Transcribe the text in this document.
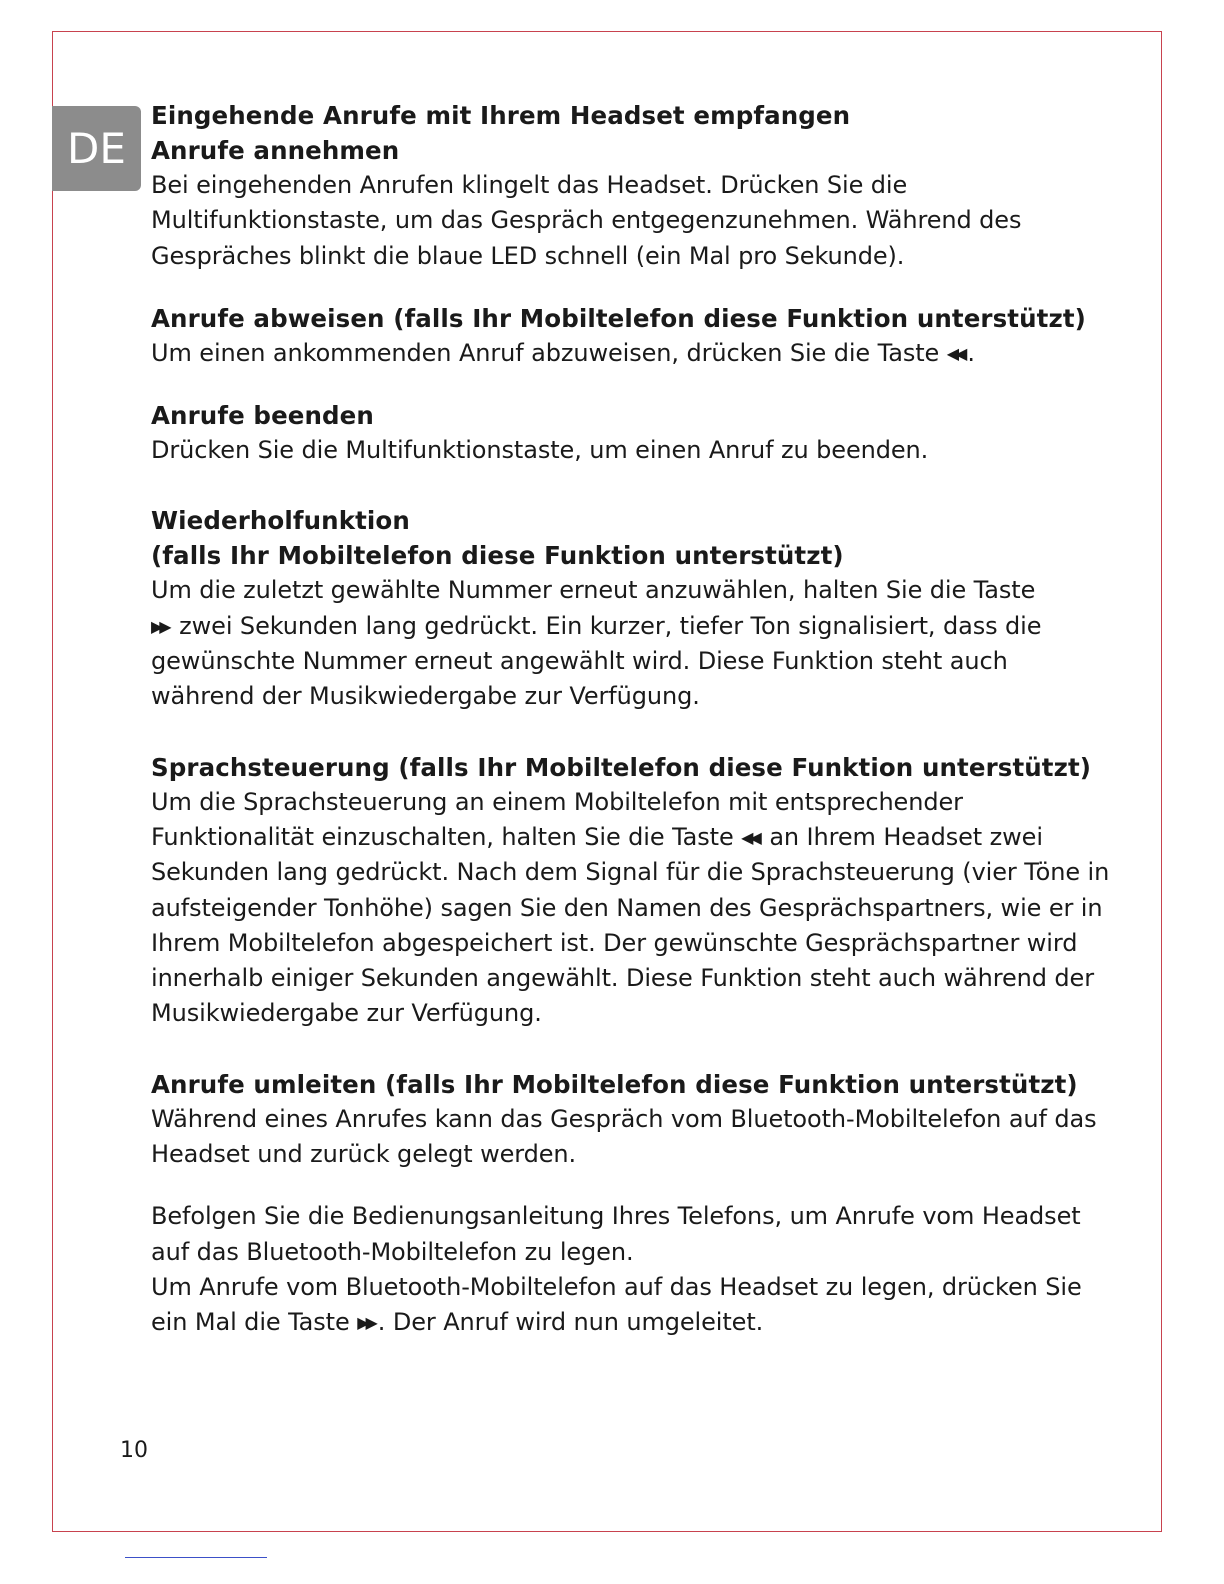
DE

Eingehende Anrufe mit Ihrem Headset empfangen

Anrufe annehmen

Bei eingehenden Anrufen klingelt das Headset. Drücken Sie die

Multifunktionstaste, um das Gespräch entgegenzunehmen. Während des

Gespräches blinkt die blaue LED schnell (ein Mal pro Sekunde).

Anrufe abweisen (falls Ihr Mobiltelefon diese Funktion unterstützt)

Um einen ankommenden Anruf abzuweisen, drücken Sie die Taste ◀◀ .

Anrufe beenden

Drücken Sie die Multifunktionstaste, um einen Anruf zu beenden.

Wiederholfunktion

(falls Ihr Mobiltelefon diese Funktion unterstützt)

Um die zuletzt gewählte Nummer erneut anzuwählen, halten Sie die Taste

▶▶ zwei Sekunden lang gedrückt. Ein kurzer, tiefer Ton signalisiert, dass die

gewünschte Nummer erneut angewählt wird. Diese Funktion steht auch

während der Musikwiedergabe zur Verfügung.

Sprachsteuerung (falls Ihr Mobiltelefon diese Funktion unterstützt)

Um die Sprachsteuerung an einem Mobiltelefon mit entsprechender

Funktionalität einzuschalten, halten Sie die Taste ◀◀ an Ihrem Headset zwei

Sekunden lang gedrückt. Nach dem Signal für die Sprachsteuerung (vier Töne in

aufsteigender Tonhöhe) sagen Sie den Namen des Gesprächspartners, wie er in

Ihrem Mobiltelefon abgespeichert ist. Der gewünschte Gesprächspartner wird

innerhalb einiger Sekunden angewählt. Diese Funktion steht auch während der

Musikwiedergabe zur Verfügung.

Anrufe umleiten (falls Ihr Mobiltelefon diese Funktion unterstützt)

Während eines Anrufes kann das Gespräch vom Bluetooth-Mobiltelefon auf das

Headset und zurück gelegt werden.

Befolgen Sie die Bedienungsanleitung Ihres Telefons, um Anrufe vom Headset

auf das Bluetooth-Mobiltelefon zu legen.

Um Anrufe vom Bluetooth-Mobiltelefon auf das Headset zu legen, drücken Sie

ein Mal die Taste ▶▶ . Der Anruf wird nun umgeleitet.

10
